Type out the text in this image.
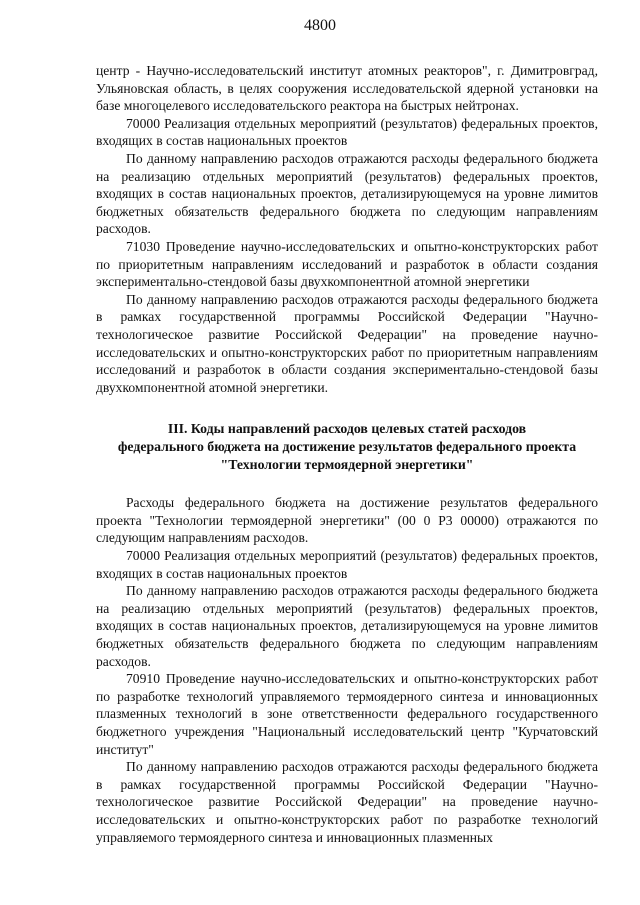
4800

центр - Научно-исследовательский институт атомных реакторов", г. Димитровград, Ульяновская область, в целях сооружения исследовательской ядерной установки на базе многоцелевого исследовательского реактора на быстрых нейтронах.

70000 Реализация отдельных мероприятий (результатов) федеральных проектов, входящих в состав национальных проектов

По данному направлению расходов отражаются расходы федерального бюджета на реализацию отдельных мероприятий (результатов) федеральных проектов, входящих в состав национальных проектов, детализирующемуся на уровне лимитов бюджетных обязательств федерального бюджета по следующим направлениям расходов.

71030 Проведение научно-исследовательских и опытно-конструкторских работ по приоритетным направлениям исследований и разработок в области создания экспериментально-стендовой базы двухкомпонентной атомной энергетики

По данному направлению расходов отражаются расходы федерального бюджета в рамках государственной программы Российской Федерации "Научно-технологическое развитие Российской Федерации" на проведение научно-исследовательских и опытно-конструкторских работ по приоритетным направлениям исследований и разработок в области создания экспериментально-стендовой базы двухкомпонентной атомной энергетики.

III. Коды направлений расходов целевых статей расходов
федерального бюджета на достижение результатов федерального проекта
"Технологии термоядерной энергетики"

Расходы федерального бюджета на достижение результатов федерального проекта "Технологии термоядерной энергетики" (00 0 Р3 00000) отражаются по следующим направлениям расходов.

70000 Реализация отдельных мероприятий (результатов) федеральных проектов, входящих в состав национальных проектов

По данному направлению расходов отражаются расходы федерального бюджета на реализацию отдельных мероприятий (результатов) федеральных проектов, входящих в состав национальных проектов, детализирующемуся на уровне лимитов бюджетных обязательств федерального бюджета по следующим направлениям расходов.

70910 Проведение научно-исследовательских и опытно-конструкторских работ по разработке технологий управляемого термоядерного синтеза и инновационных плазменных технологий в зоне ответственности федерального государственного бюджетного учреждения "Национальный исследовательский центр "Курчатовский институт"

По данному направлению расходов отражаются расходы федерального бюджета в рамках государственной программы Российской Федерации "Научно-технологическое развитие Российской Федерации" на проведение научно-исследовательских и опытно-конструкторских работ по разработке технологий управляемого термоядерного синтеза и инновационных плазменных
